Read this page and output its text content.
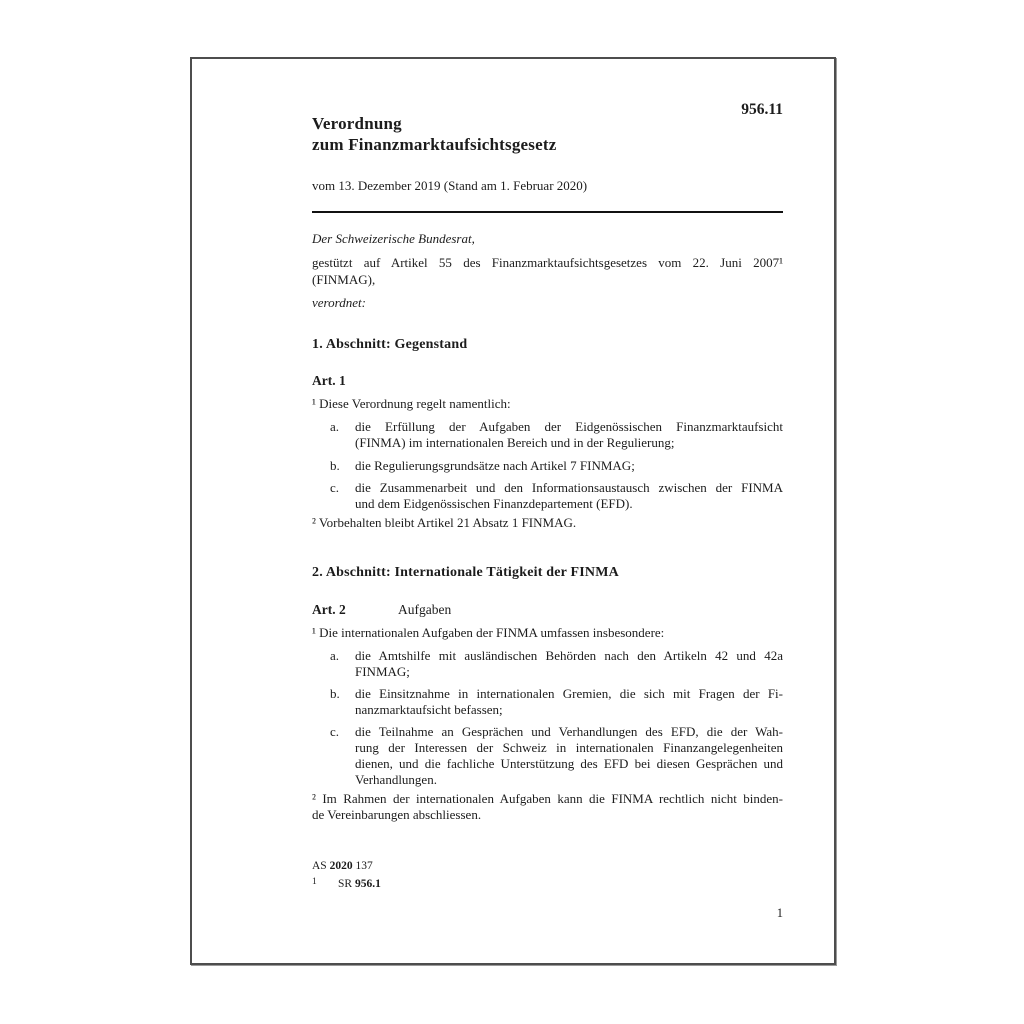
Verordnung
zum Finanzmarktaufsichtsgesetz
956.11

vom 13. Dezember 2019 (Stand am 1. Februar 2020)

Der Schweizerische Bundesrat,

gestützt auf Artikel 55 des Finanzmarktaufsichtsgesetzes vom 22. Juni 2007¹
(FINMAG),

verordnet:

1. Abschnitt: Gegenstand
Art. 1
¹ Diese Verordnung regelt namentlich:
a.	die Erfüllung der Aufgaben der Eidgenössischen Finanzmarktaufsicht
(FINMA) im internationalen Bereich und in der Regulierung;
b.	die Regulierungsgrundsätze nach Artikel 7 FINMAG;
c.	die Zusammenarbeit und den Informationsaustausch zwischen der FINMA
und dem Eidgenössischen Finanzdepartement (EFD).
² Vorbehalten bleibt Artikel 21 Absatz 1 FINMAG.
2. Abschnitt: Internationale Tätigkeit der FINMA
Art. 2	Aufgaben
¹ Die internationalen Aufgaben der FINMA umfassen insbesondere:
a.	die Amtshilfe mit ausländischen Behörden nach den Artikeln 42 und 42a
FINMAG;
b.	die Einsitznahme in internationalen Gremien, die sich mit Fragen der Fi-
nanzmarktaufsicht befassen;
c.	die Teilnahme an Gesprächen und Verhandlungen des EFD, die der Wah-
rung der Interessen der Schweiz in internationalen Finanzangelegenheiten
dienen, und die fachliche Unterstützung des EFD bei diesen Gesprächen und
Verhandlungen.
² Im Rahmen der internationalen Aufgaben kann die FINMA rechtlich nicht binden-
de Vereinbarungen abschliessen.
AS 2020 137
1 SR 956.1
1
